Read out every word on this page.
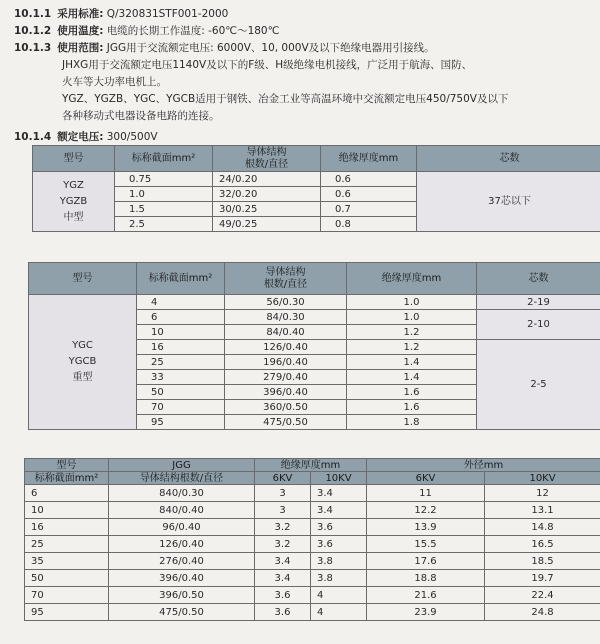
10.1.1 采用标准: Q/320831STF001-2000
10.1.2 使用温度: 电缆的长期工作温度: -60℃～180℃
10.1.3 使用范围: JGG用于交流额定电压: 6000V、10, 000V及以下绝缘电器用引接线。
JHXG用于交流额定电压1140V及以下的F级、H级绝缘电机接线，广泛用于航海、国防、
火车等大功率电机上。
YGZ、YGZB、YGC、YGCB适用于钢铁、冶金工业等高温环境中交流额定电压450/750V及以下
各种移动式电器设备电路的连接。
10.1.4 额定电压: 300/500V
型号	标称截面mm²	导体结构
根数/直径	绝缘厚度mm	芯数
YGZ
YGZB
中型	0.75	24/0.20	0.6	37芯以下
	1.0	32/0.20	0.6	
	1.5	30/0.25	0.7	
	2.5	49/0.25	0.8	
型号	标称截面mm²	导体结构
根数/直径	绝缘厚度mm	芯数
YGC
YGCB
重型	4	56/0.30	1.0	2-19
	6	84/0.30	1.0	2-10
	10	84/0.40	1.2	
	16	126/0.40	1.2	2-5
	25	196/0.40	1.4	
	33	279/0.40	1.4	
	50	396/0.40	1.6	
	70	360/0.50	1.6	
	95	475/0.50	1.8	
型号	JGG	绝缘厚度mm		外径mm	
标称截面mm²	导体结构根数/直径	6KV	10KV	6KV	10KV
6	840/0.30	3	3.4	11	12
10	840/0.40	3	3.4	12.2	13.1
16	96/0.40	3.2	3.6	13.9	14.8
25	126/0.40	3.2	3.6	15.5	16.5
35	276/0.40	3.4	3.8	17.6	18.5
50	396/0.40	3.4	3.8	18.8	19.7
70	396/0.50	3.6	4	21.6	22.4
95	475/0.50	3.6	4	23.9	24.8
